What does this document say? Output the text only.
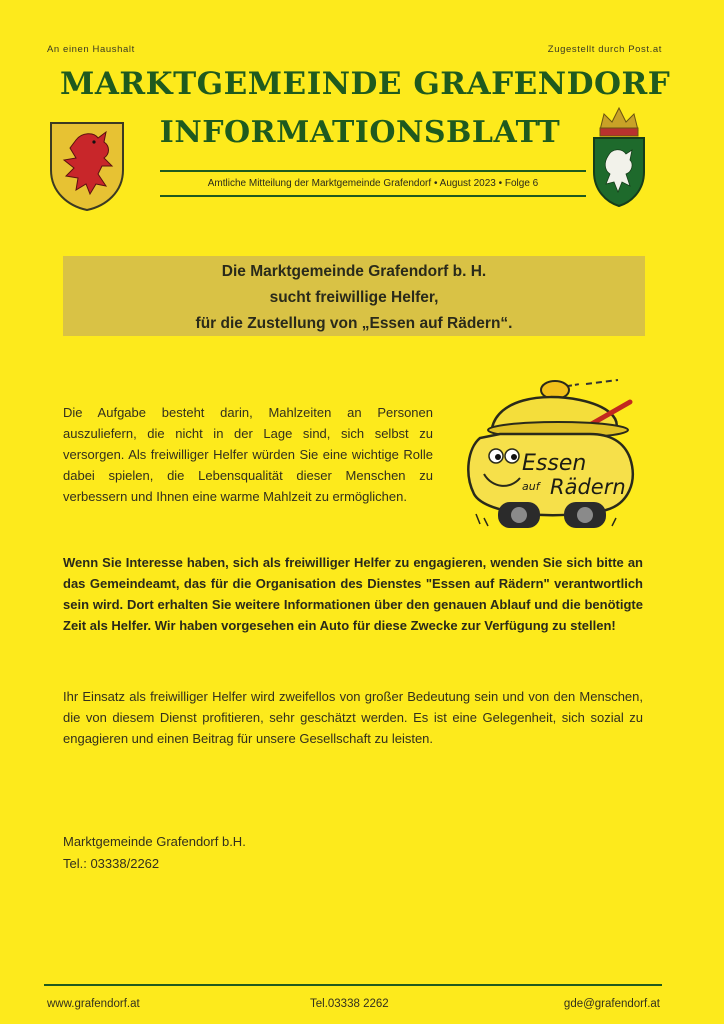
An einen Haushalt	Zugestellt durch Post.at
MARKTGEMEINDE GRAFENDORF
INFORMATIONSBLATT
Amtliche Mitteilung der Marktgemeinde Grafendorf • August 2023 • Folge 6
Die Marktgemeinde Grafendorf b. H.
sucht freiwillige Helfer,
für die Zustellung von „Essen auf Rädern“.

Die Aufgabe besteht darin, Mahlzeiten an Personen auszuliefern, die nicht in der Lage sind, sich selbst zu versorgen. Als freiwilliger Helfer würden Sie eine wichtige Rolle dabei spielen, die Lebensqualität dieser Menschen zu verbessern und Ihnen eine warme Mahlzeit zu ermöglichen.

Essen
auf Rädern

Wenn Sie Interesse haben, sich als freiwilliger Helfer zu engagieren, wenden Sie sich bitte an das Gemeindeamt, das für die Organisation des Dienstes "Essen auf Rädern" verantwortlich sein wird. Dort erhalten Sie weitere Informationen über den genauen Ablauf und die benötigte Zeit als Helfer. Wir haben vorgesehen ein Auto für diese Zwecke zur Verfügung zu stellen!

Ihr Einsatz als freiwilliger Helfer wird zweifellos von großer Bedeutung sein und von den Menschen, die von diesem Dienst profitieren, sehr geschätzt werden. Es ist eine Gelegenheit, sich sozial zu engagieren und einen Beitrag für unsere Gesellschaft zu leisten.

Marktgemeinde Grafendorf b.H.
Tel.: 03338/2262
www.grafendorf.at	Tel.03338 2262	gde@grafendorf.at
